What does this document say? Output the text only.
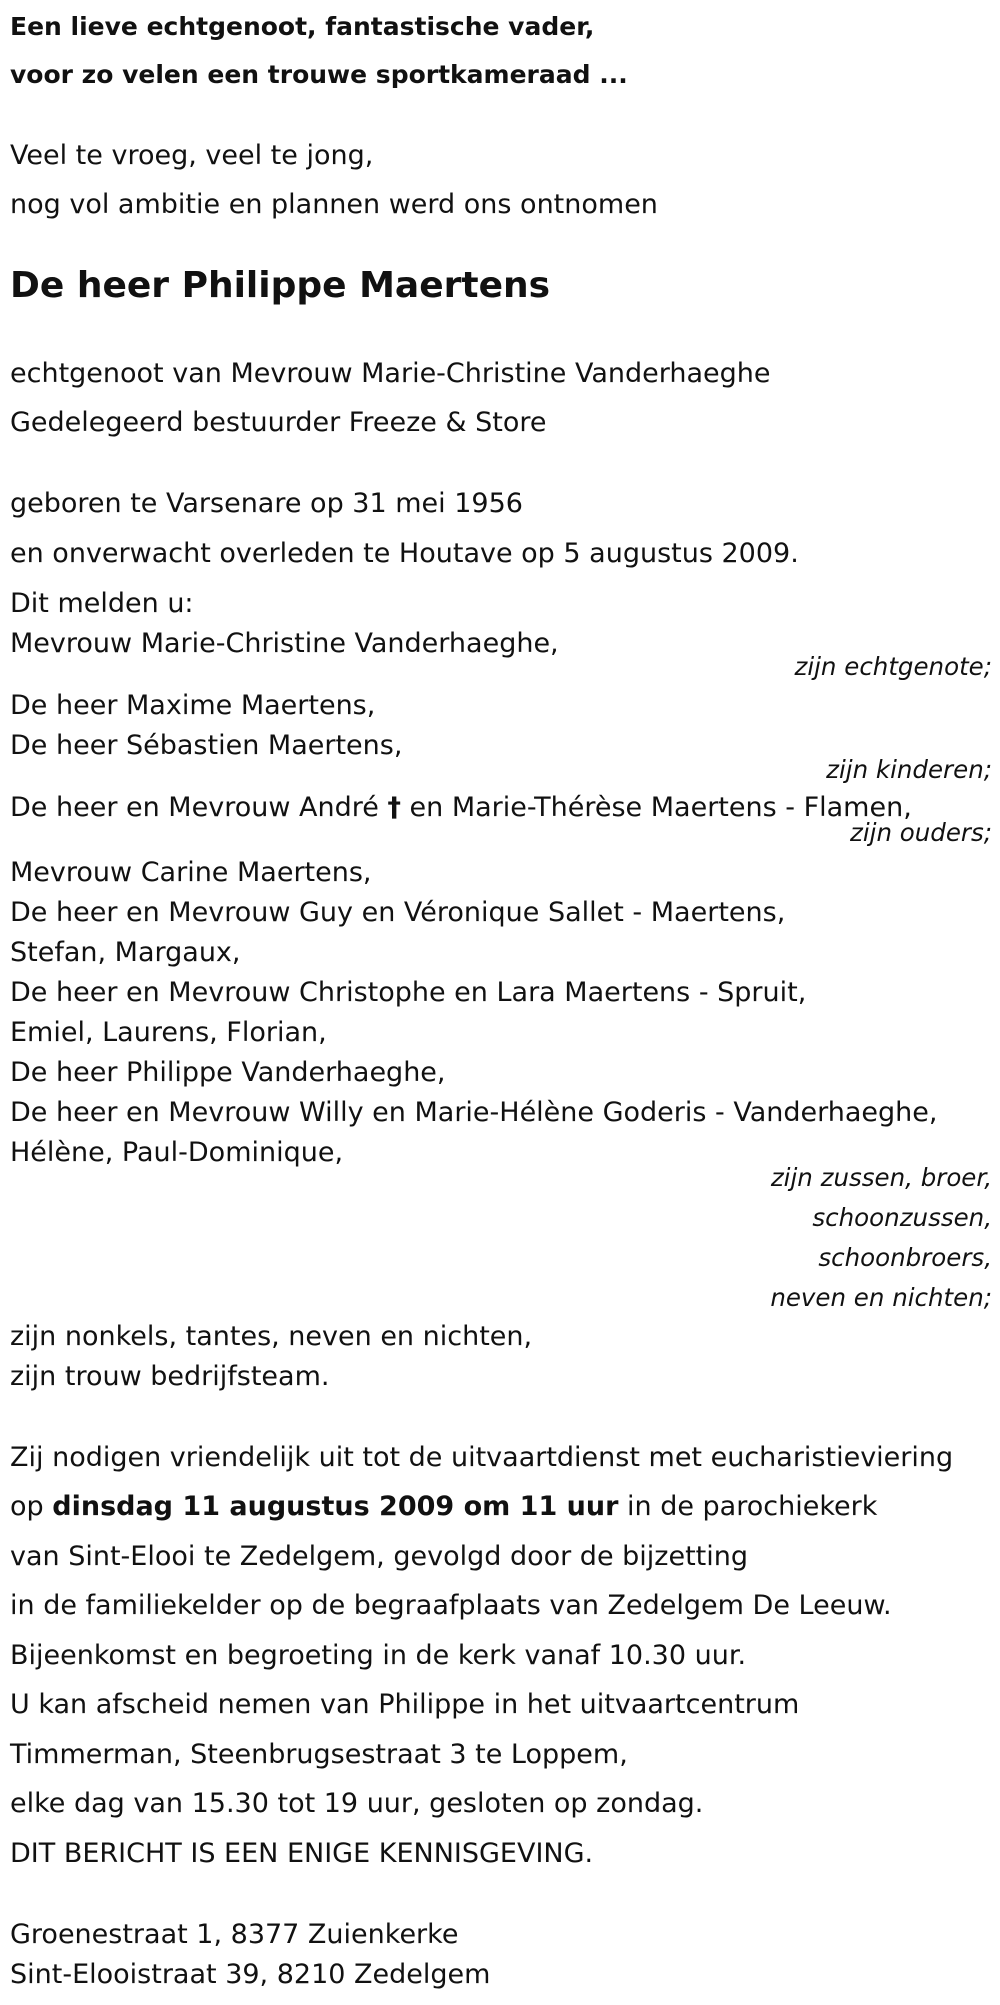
Een lieve echtgenoot, fantastische vader,
voor zo velen een trouwe sportkameraad ...
Veel te vroeg, veel te jong,
nog vol ambitie en plannen werd ons ontnomen
De heer Philippe Maertens
echtgenoot van Mevrouw Marie-Christine Vanderhaeghe
Gedelegeerd bestuurder Freeze & Store
geboren te Varsenare op 31 mei 1956
en onverwacht overleden te Houtave op 5 augustus 2009.
Dit melden u:
Mevrouw Marie-Christine Vanderhaeghe,
zijn echtgenote;
De heer Maxime Maertens,
De heer Sébastien Maertens,
zijn kinderen;
De heer en Mevrouw André † en Marie-Thérèse Maertens - Flamen,
zijn ouders;
Mevrouw Carine Maertens,
De heer en Mevrouw Guy en Véronique Sallet - Maertens,
Stefan, Margaux,
De heer en Mevrouw Christophe en Lara Maertens - Spruit,
Emiel, Laurens, Florian,
De heer Philippe Vanderhaeghe,
De heer en Mevrouw Willy en Marie-Hélène Goderis - Vanderhaeghe,
Hélène, Paul-Dominique,
zijn zussen, broer,
schoonzussen,
schoonbroers,
neven en nichten;
zijn nonkels, tantes, neven en nichten,
zijn trouw bedrijfsteam.
Zij nodigen vriendelijk uit tot de uitvaartdienst met eucharistieviering
op dinsdag 11 augustus 2009 om 11 uur in de parochiekerk
van Sint-Elooi te Zedelgem, gevolgd door de bijzetting
in de familiekelder op de begraafplaats van Zedelgem De Leeuw.
Bijeenkomst en begroeting in de kerk vanaf 10.30 uur.
U kan afscheid nemen van Philippe in het uitvaartcentrum
Timmerman, Steenbrugsestraat 3 te Loppem,
elke dag van 15.30 tot 19 uur, gesloten op zondag.
DIT BERICHT IS EEN ENIGE KENNISGEVING.
Groenestraat 1, 8377 Zuienkerke
Sint-Elooistraat 39, 8210 Zedelgem
